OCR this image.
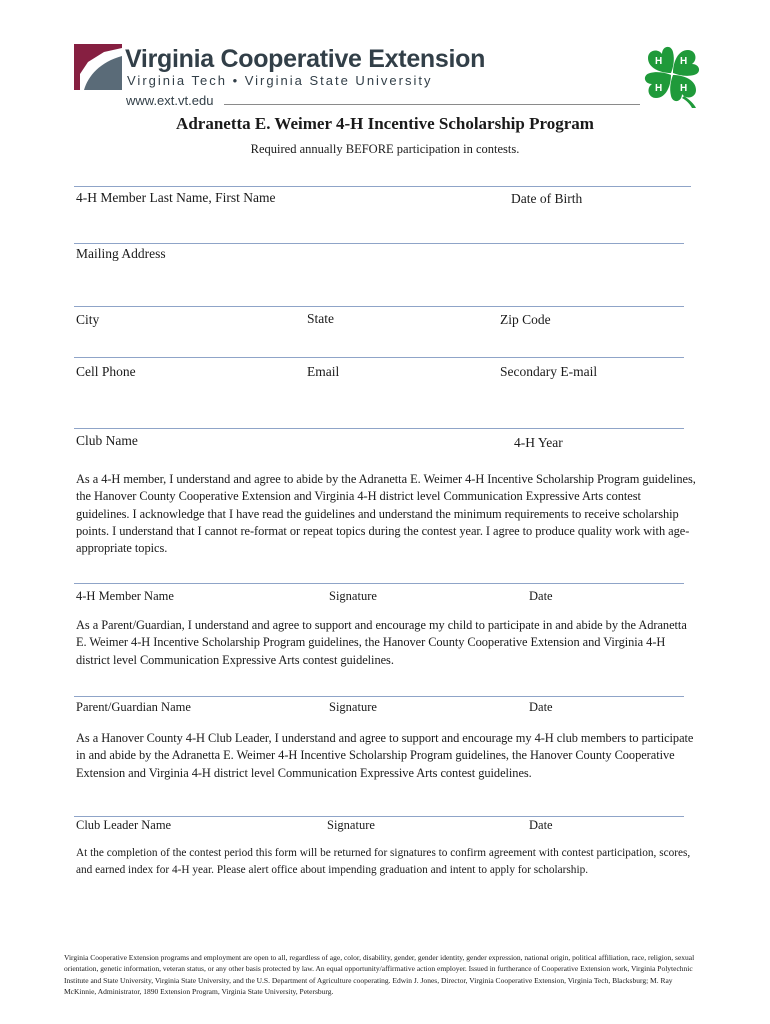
Virginia Cooperative Extension
Virginia Tech • Virginia State University
www.ext.vt.edu
H H
H
H
Adranetta E. Weimer 4-H Incentive Scholarship Program
Required annually BEFORE participation in contests.
4-H Member Last Name, First Name	Date of Birth
Mailing Address
City	State	Zip Code
Cell Phone	Email	Secondary E-mail
Club Name	4-H Year
As a 4-H member, I understand and agree to abide by the Adranetta E. Weimer 4-H Incentive Scholarship Program guidelines, the Hanover County Cooperative Extension and Virginia 4-H district level Communication Expressive Arts contest guidelines. I acknowledge that I have read the guidelines and understand the minimum requirements to receive scholarship points. I understand that I cannot re-format or repeat topics during the contest year. I agree to produce quality work with age-appropriate topics.
4-H Member Name	Signature	Date
As a Parent/Guardian, I understand and agree to support and encourage my child to participate in and abide by the Adranetta E. Weimer 4-H Incentive Scholarship Program guidelines, the Hanover County Cooperative Extension and Virginia 4-H district level Communication Expressive Arts contest guidelines.
Parent/Guardian Name	Signature	Date
As a Hanover County 4-H Club Leader, I understand and agree to support and encourage my 4-H club members to participate in and abide by the Adranetta E. Weimer 4-H Incentive Scholarship Program guidelines, the Hanover County Cooperative Extension and Virginia 4-H district level Communication Expressive Arts contest guidelines.
Club Leader Name	Signature	Date
At the completion of the contest period this form will be returned for signatures to confirm agreement with contest participation, scores, and earned index for 4-H year. Please alert office about impending graduation and intent to apply for scholarship.
Virginia Cooperative Extension programs and employment are open to all, regardless of age, color, disability, gender, gender identity, gender expression, national origin, political affiliation, race, religion, sexual orientation, genetic information, veteran status, or any other basis protected by law. An equal opportunity/affirmative action employer. Issued in furtherance of Cooperative Extension work, Virginia Polytechnic Institute and State University, Virginia State University, and the U.S. Department of Agriculture cooperating. Edwin J. Jones, Director, Virginia Cooperative Extension, Virginia Tech, Blacksburg; M. Ray McKinnie, Administrator, 1890 Extension Program, Virginia State University, Petersburg.
